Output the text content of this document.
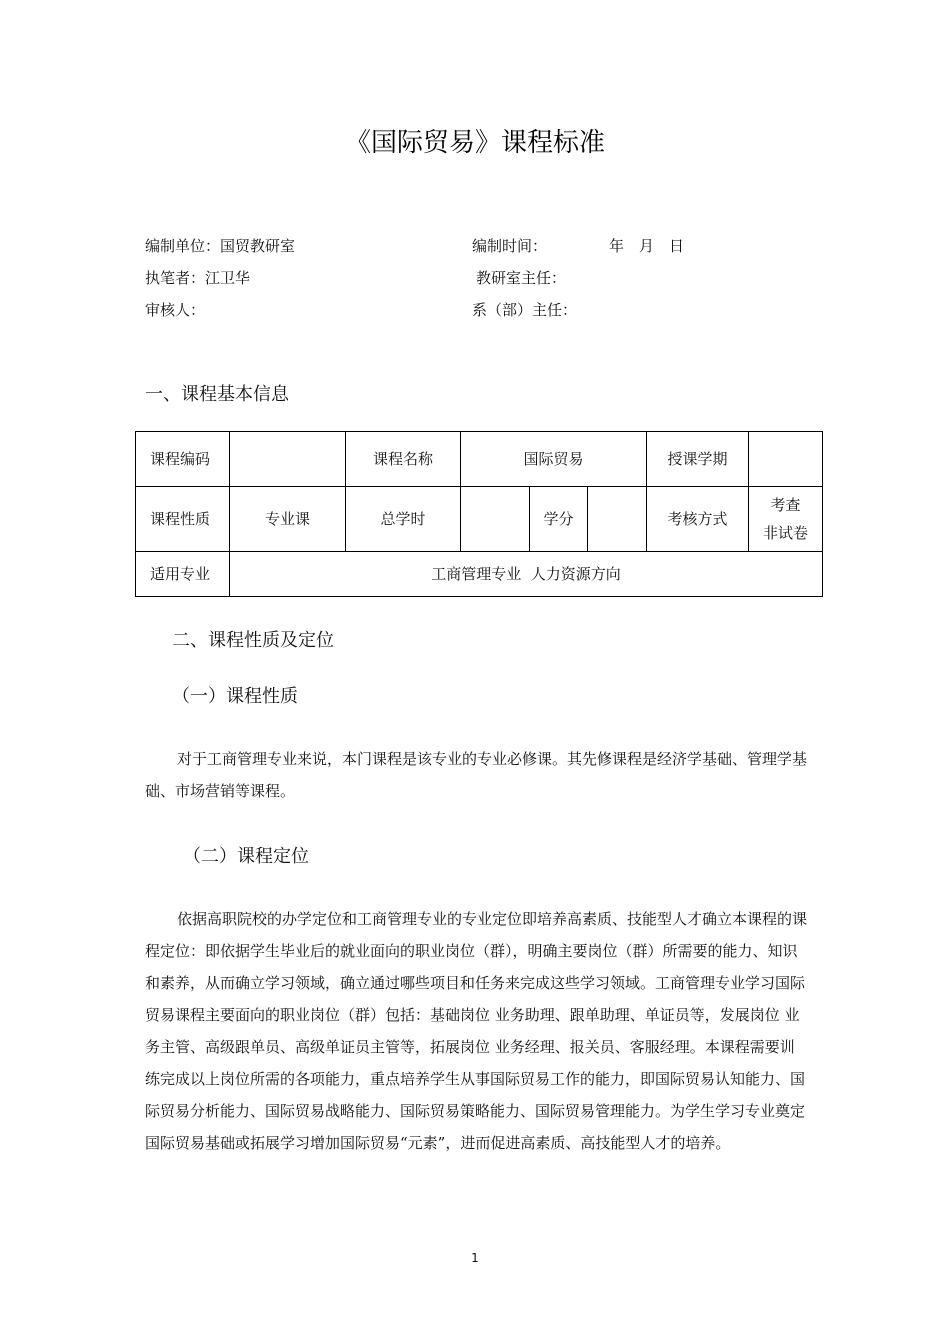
《国际贸易》课程标准
编制单位：国贸教研室	编制时间：	年　月　日
执笔者：江卫华	教研室主任：
审核人：	系（部）主任：
一、课程基本信息
课程编码		课程名称	国际贸易			授课学期	
课程性质	专业课	总学时		学分		考核方式	考查
非试卷

适用专业	工商管理专业  人力资源方向						
二、课程性质及定位
（一）课程性质
对于工商管理专业来说，本门课程是该专业的专业必修课。其先修课程是经济学基础、管理学基础、市场营销等课程。
（二）课程定位
依据高职院校的办学定位和工商管理专业的专业定位即培养高素质、技能型人才确立本课程的课程定位：即依据学生毕业后的就业面向的职业岗位（群），明确主要岗位（群）所需要的能力、知识和素养，从而确立学习领域，确立通过哪些项目和任务来完成这些学习领域。工商管理专业学习国际贸易课程主要面向的职业岗位（群）包括：基础岗位 业务助理、跟单助理、单证员等，发展岗位 业务主管、高级跟单员、高级单证员主管等，拓展岗位 业务经理、报关员、客服经理。本课程需要训练完成以上岗位所需的各项能力，重点培养学生从事国际贸易工作的能力，即国际贸易认知能力、国际贸易分析能力、国际贸易战略能力、国际贸易策略能力、国际贸易管理能力。为学生学习专业奠定国际贸易基础或拓展学习增加国际贸易“元素”，进而促进高素质、高技能型人才的培养。
1
